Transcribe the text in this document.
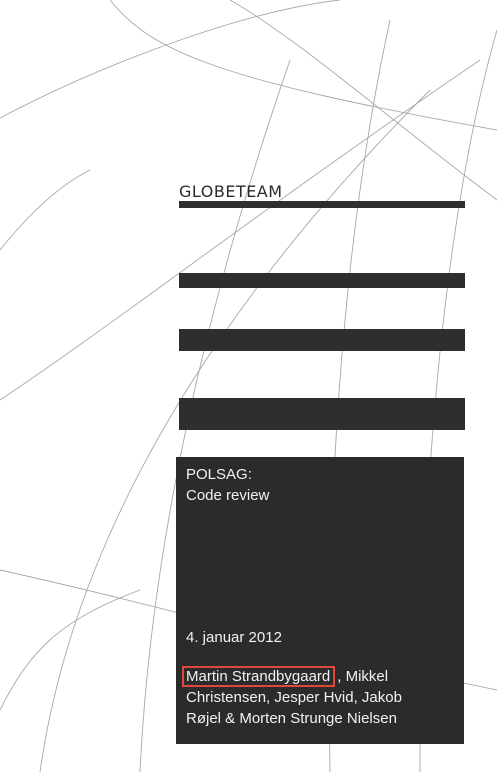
GLOBETEAM
POLSAG:
Code review
4. januar 2012
Martin Strandbygaard , Mikkel
Christensen, Jesper Hvid, Jakob
Røjel & Morten Strunge Nielsen
